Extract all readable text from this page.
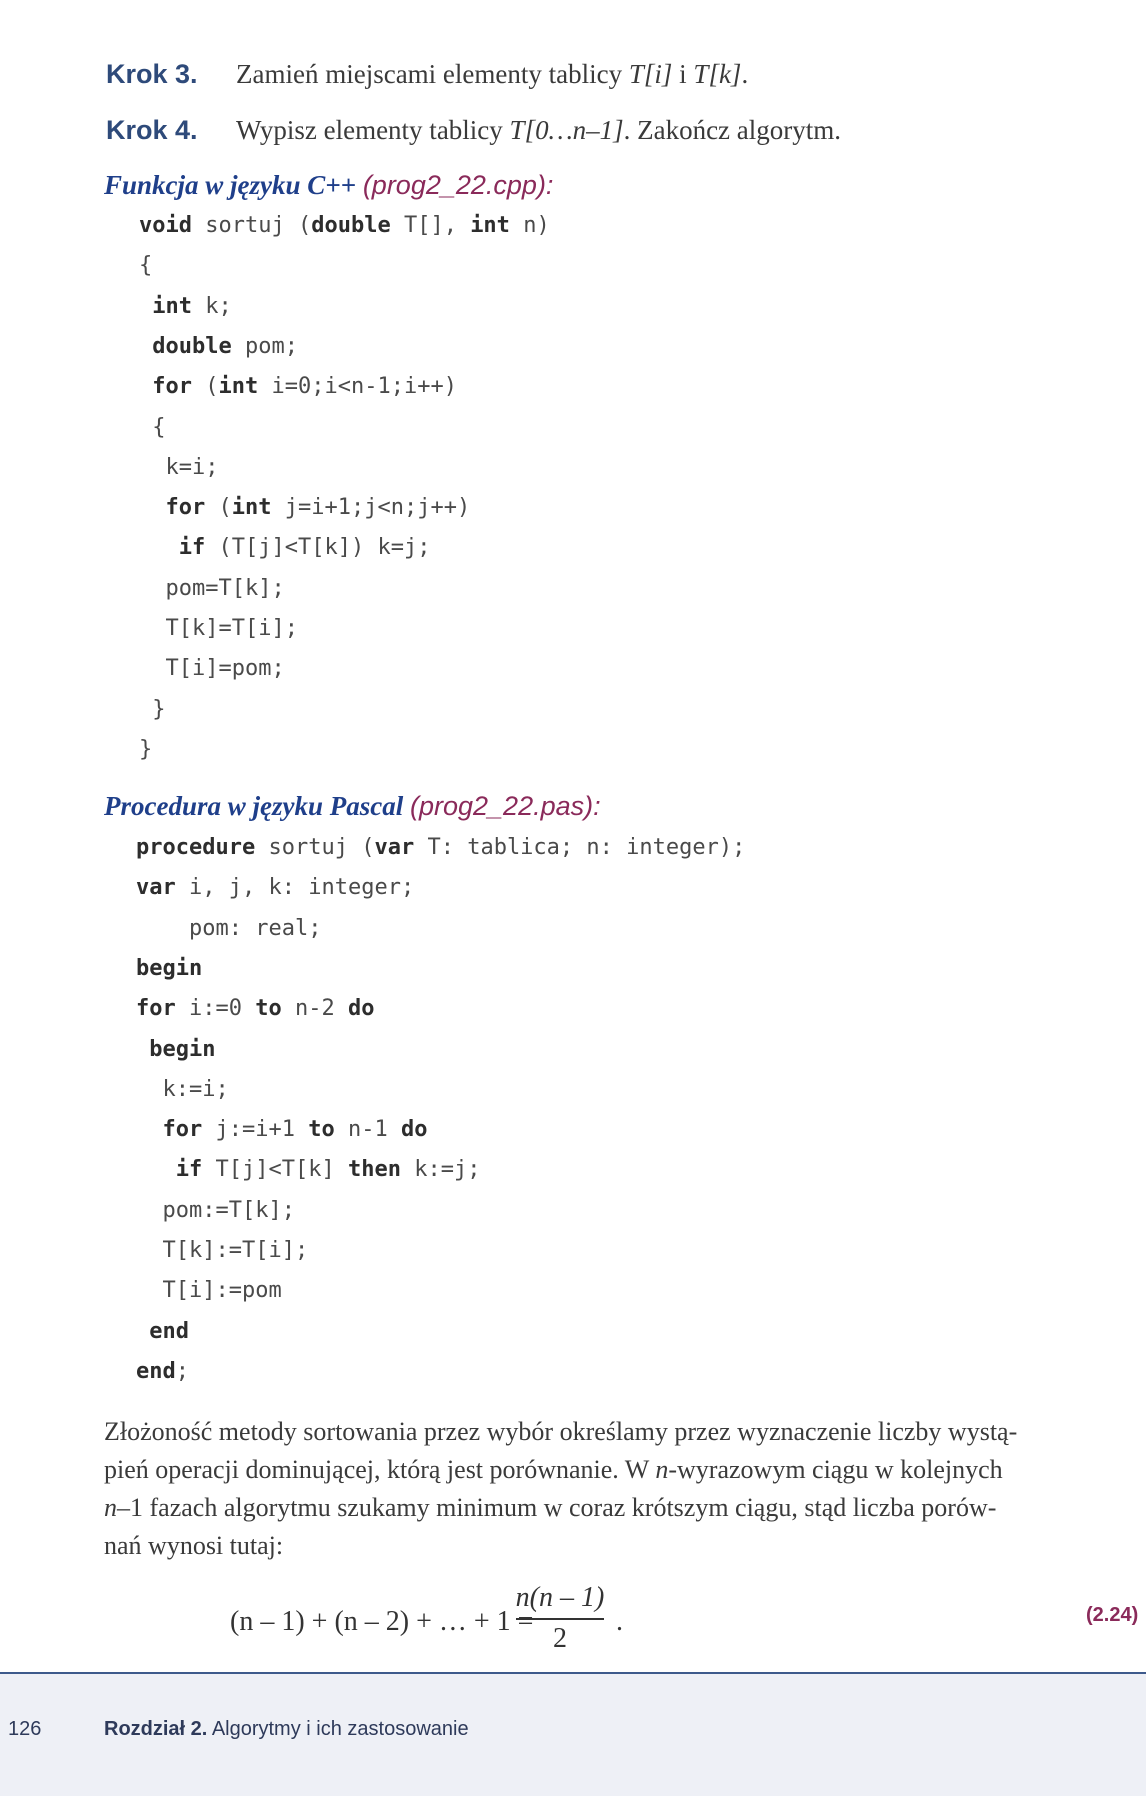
Krok 3. Zamień miejscami elementy tablicy T[i] i T[k].
Krok 4. Wypisz elementy tablicy T[0…n–1]. Zakończ algorytm.
Funkcja w języku C++ (prog2_22.cpp):
void sortuj (double T[], int n)
{
int k;
double pom;
for (int i=0;i<n-1;i++)
{
k=i;
for (int j=i+1;j<n;j++)
if (T[j]<T[k]) k=j;
pom=T[k];
T[k]=T[i];
T[i]=pom;
}
}
Procedura w języku Pascal (prog2_22.pas):
procedure sortuj (var T: tablica; n: integer);
var i, j, k: integer;
pom: real;
begin
for i:=0 to n-2 do
begin
k:=i;
for j:=i+1 to n-1 do
if T[j]<T[k] then k:=j;
pom:=T[k];
T[k]:=T[i];
T[i]:=pom
end
end;
Złożoność metody sortowania przez wybór określamy przez wyznaczenie liczby wystą-
pień operacji dominującej, którą jest porównanie. W n-wyrazowym ciągu w kolejnych
n–1 fazach algorytmu szukamy minimum w coraz krótszym ciągu, stąd liczba porów-
nań wynosi tutaj:
(n – 1) + (n – 2) + … + 1 =
n(n – 1)
2
.	(2.24)
126	Rozdział 2. Algorytmy i ich zastosowanie
